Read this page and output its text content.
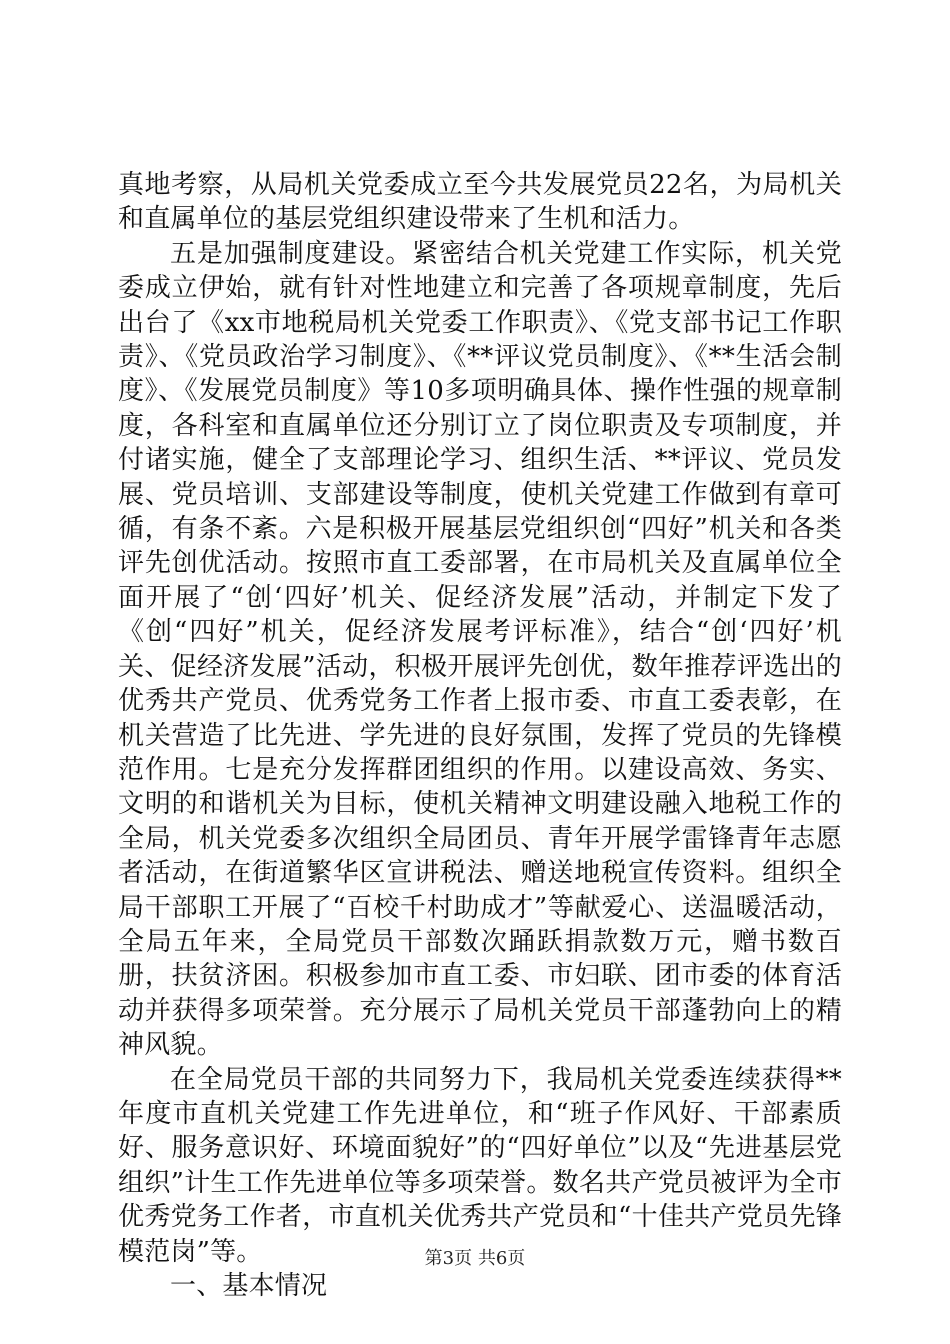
真地考察，从局机关党委成立至今共发展党员22名，为局机关和直属单位的基层党组织建设带来了生机和活力。

五是加强制度建设。紧密结合机关党建工作实际，机关党委成立伊始，就有针对性地建立和完善了各项规章制度，先后出台了《xx市地税局机关党委工作职责》、《党支部书记工作职责》、《党员政治学习制度》、《**评议党员制度》、《**生活会制度》、《发展党员制度》等10多项明确具体、操作性强的规章制度，各科室和直属单位还分别订立了岗位职责及专项制度，并付诸实施，健全了支部理论学习、组织生活、**评议、党员发展、党员培训、支部建设等制度，使机关党建工作做到有章可循，有条不紊。六是积极开展基层党组织创“四好”机关和各类评先创优活动。按照市直工委部署，在市局机关及直属单位全面开展了“创‘四好’机关、促经济发展”活动，并制定下发了《创“四好”机关，促经济发展考评标准》，结合“创‘四好’机关、促经济发展”活动，积极开展评先创优，数年推荐评选出的优秀共产党员、优秀党务工作者上报市委、市直工委表彰，在机关营造了比先进、学先进的良好氛围，发挥了党员的先锋模范作用。七是充分发挥群团组织的作用。以建设高效、务实、文明的和谐机关为目标，使机关精神文明建设融入地税工作的全局，机关党委多次组织全局团员、青年开展学雷锋青年志愿者活动，在街道繁华区宣讲税法、赠送地税宣传资料。组织全局干部职工开展了“百校千村助成才”等献爱心、送温暖活动，全局五年来，全局党员干部数次踊跃捐款数万元，赠书数百册，扶贫济困。积极参加市直工委、市妇联、团市委的体育活动并获得多项荣誉。充分展示了局机关党员干部蓬勃向上的精神风貌。

在全局党员干部的共同努力下，我局机关党委连续获得**年度市直机关党建工作先进单位，和“班子作风好、干部素质好、服务意识好、环境面貌好”的“四好单位”以及“先进基层党组织”计生工作先进单位等多项荣誉。数名共产党员被评为全市优秀党务工作者，市直机关优秀共产党员和“十佳共产党员先锋模范岗”等。

一、基本情况

第3页 共6页
